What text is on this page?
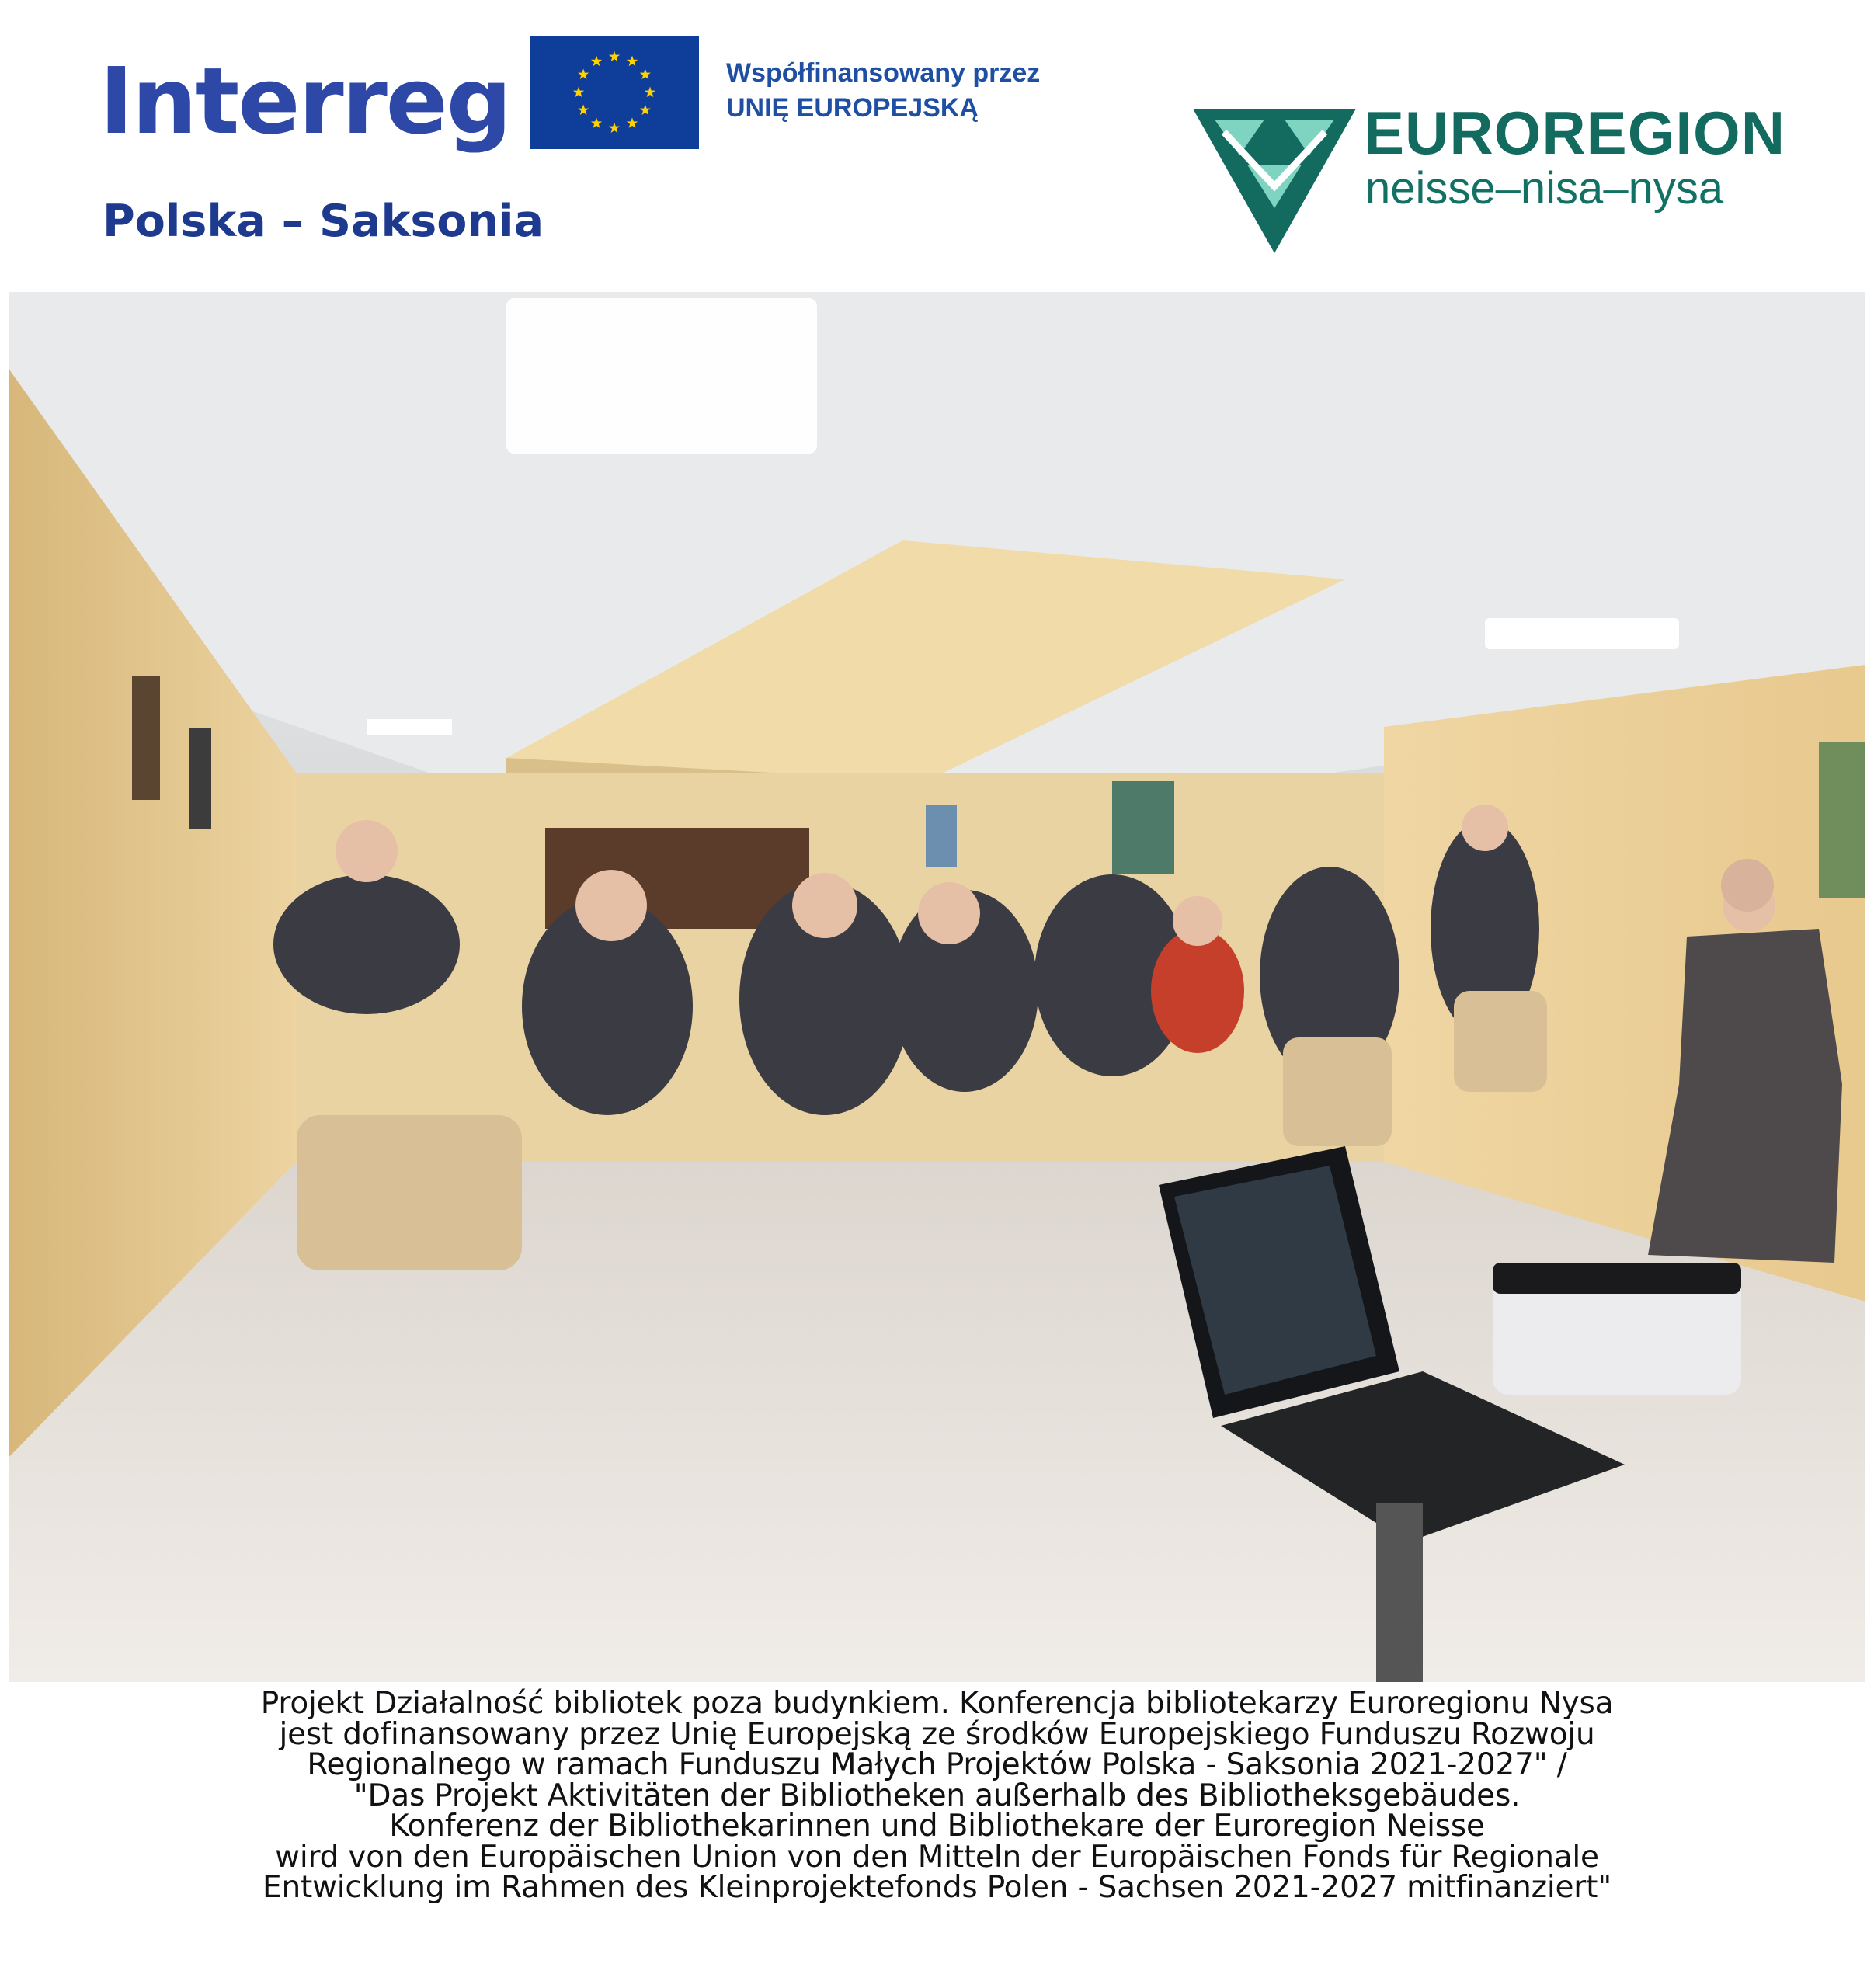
Interreg
Polska – Saksonia
Współfinansowany przez
UNIĘ EUROPEJSKĄ	EUROREGION
neisse–nisa–nysa
Projekt Działalność bibliotek poza budynkiem. Konferencja bibliotekarzy Euroregionu Nysa
jest dofinansowany przez Unię Europejską ze środków Europejskiego Funduszu Rozwoju
Regionalnego w ramach Funduszu Małych Projektów Polska - Saksonia 2021-2027" /
"Das Projekt Aktivitäten der Bibliotheken außerhalb des Bibliotheksgebäudes.
Konferenz der Bibliothekarinnen und Bibliothekare der Euroregion Neisse
wird von den Europäischen Union von den Mitteln der Europäischen Fonds für Regionale
Entwicklung im Rahmen des Kleinprojektefonds Polen - Sachsen 2021-2027 mitfinanziert"
